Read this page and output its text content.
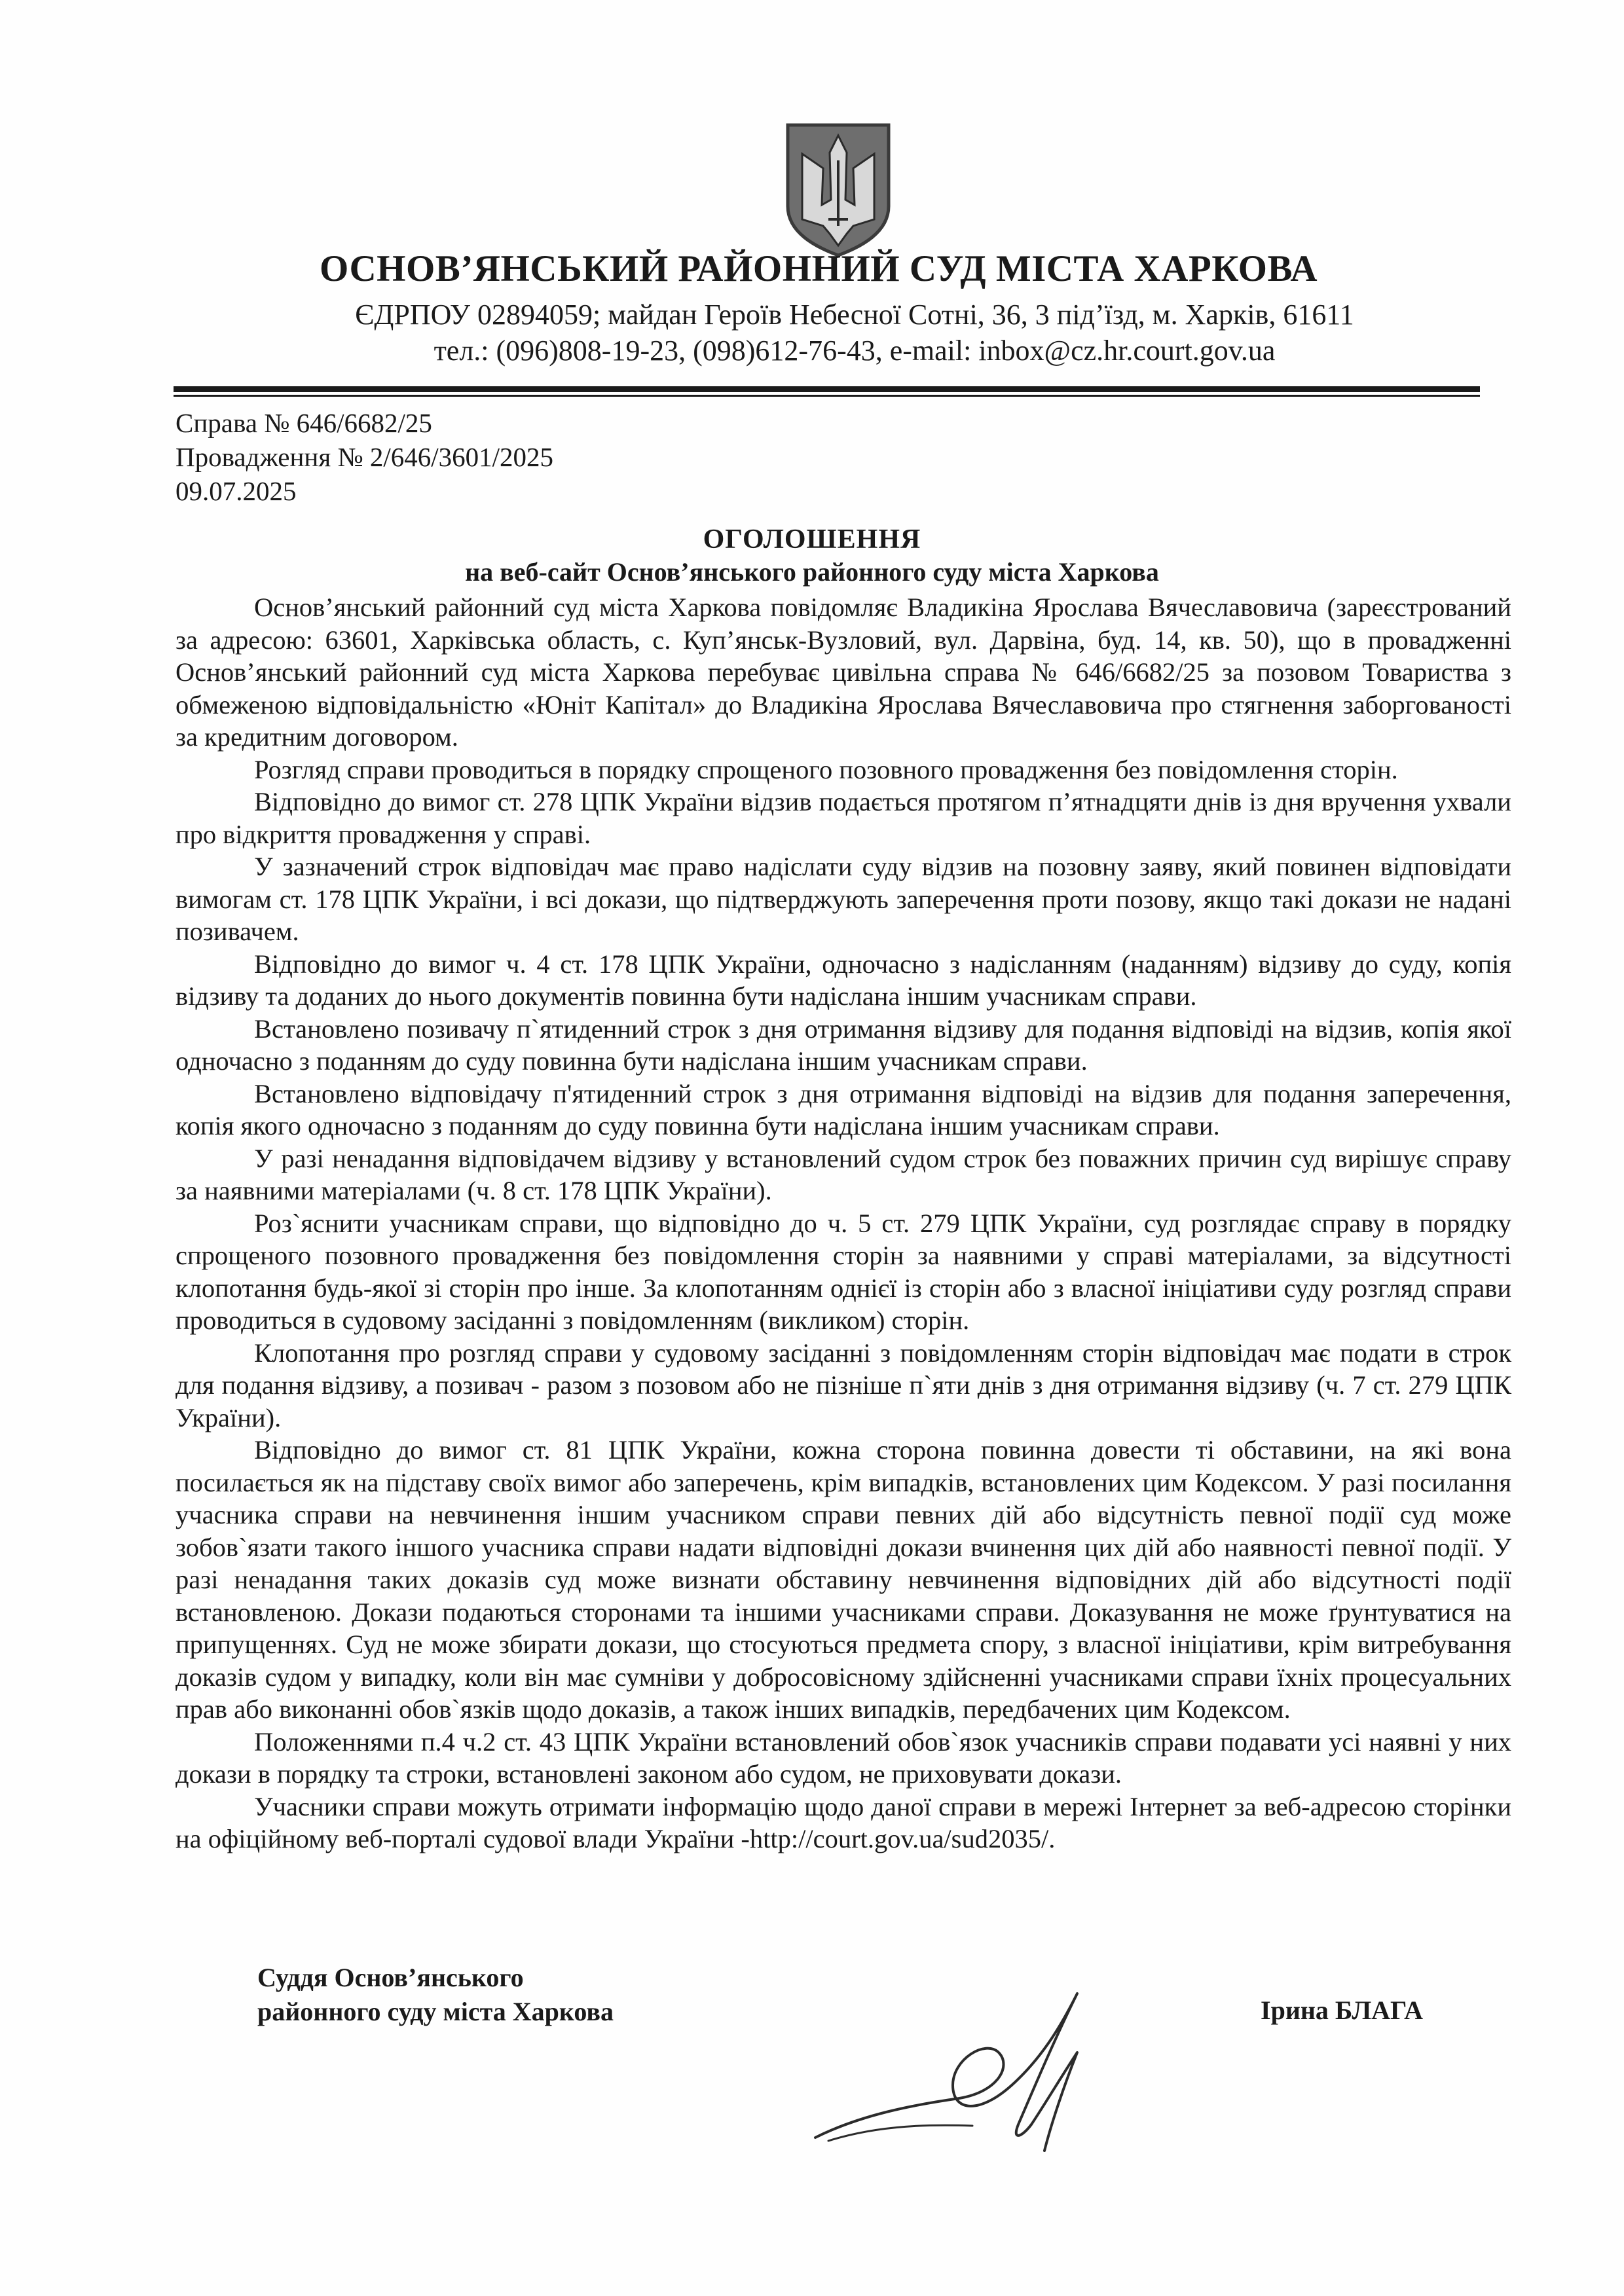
ОСНОВ’ЯНСЬКИЙ РАЙОННИЙ СУД МІСТА ХАРКОВА
ЄДРПОУ 02894059; майдан Героїв Небесної Сотні, 36, 3 під’їзд, м. Харків, 61611
тел.: (096)808-19-23, (098)612-76-43, e-mail: inbox@cz.hr.court.gov.ua
Справа № 646/6682/25
Провадження № 2/646/3601/2025
09.07.2025
ОГОЛОШЕННЯ
на веб-сайт Основ’янського районного суду міста Харкова

Основ’янський районний суд міста Харкова повідомляє Владикіна Ярослава Вячеславовича (зареєстрований за адресою: 63601, Харківська область, с. Куп’янськ-Вузловий, вул. Дарвіна, буд. 14, кв. 50), що в провадженні Основ’янський районний суд міста Харкова перебуває цивільна справа № 646/6682/25 за позовом Товариства з обмеженою відповідальністю «Юніт Капітал» до Владикіна Ярослава Вячеславовича про стягнення заборгованості за кредитним договором.

Розгляд справи проводиться в порядку спрощеного позовного провадження без повідомлення сторін.

Відповідно до вимог ст. 278 ЦПК України відзив подається протягом п’ятнадцяти днів із дня вручення ухвали про відкриття провадження у справі.

У зазначений строк відповідач має право надіслати суду відзив на позовну заяву, який повинен відповідати вимогам ст. 178 ЦПК України, і всі докази, що підтверджують заперечення проти позову, якщо такі докази не надані позивачем.

Відповідно до вимог ч. 4 ст. 178 ЦПК України, одночасно з надісланням (наданням) відзиву до суду, копія відзиву та доданих до нього документів повинна бути надіслана іншим учасникам справи.

Встановлено позивачу п`ятиденний строк з дня отримання відзиву для подання відповіді на відзив, копія якої одночасно з поданням до суду повинна бути надіслана іншим учасникам справи.

Встановлено відповідачу п'ятиденний строк з дня отримання відповіді на відзив для подання заперечення, копія якого одночасно з поданням до суду повинна бути надіслана іншим учасникам справи.

У разі ненадання відповідачем відзиву у встановлений судом строк без поважних причин суд вирішує справу за наявними матеріалами (ч. 8 ст. 178 ЦПК України).

Роз`яснити учасникам справи, що відповідно до ч. 5 ст. 279 ЦПК України, суд розглядає справу в порядку спрощеного позовного провадження без повідомлення сторін за наявними у справі матеріалами, за відсутності клопотання будь-якої зі сторін про інше. За клопотанням однієї із сторін або з власної ініціативи суду розгляд справи проводиться в судовому засіданні з повідомленням (викликом) сторін.

Клопотання про розгляд справи у судовому засіданні з повідомленням сторін відповідач має подати в строк для подання відзиву, а позивач - разом з позовом або не пізніше п`яти днів з дня отримання відзиву (ч. 7 ст. 279 ЦПК України).

Відповідно до вимог ст. 81 ЦПК України, кожна сторона повинна довести ті обставини, на які вона посилається як на підставу своїх вимог або заперечень, крім випадків, встановлених цим Кодексом. У разі посилання учасника справи на невчинення іншим учасником справи певних дій або відсутність певної події суд може зобов`язати такого іншого учасника справи надати відповідні докази вчинення цих дій або наявності певної події. У разі ненадання таких доказів суд може визнати обставину невчинення відповідних дій або відсутності події встановленою. Докази подаються сторонами та іншими учасниками справи. Доказування не може ґрунтуватися на припущеннях. Суд не може збирати докази, що стосуються предмета спору, з власної ініціативи, крім витребування доказів судом у випадку, коли він має сумніви у добросовісному здійсненні учасниками справи їхніх процесуальних прав або виконанні обов`язків щодо доказів, а також інших випадків, передбачених цим Кодексом.

Положеннями п.4 ч.2 ст. 43 ЦПК України встановлений обов`язок учасників справи подавати усі наявні у них докази в порядку та строки, встановлені законом або судом, не приховувати докази.

Учасники справи можуть отримати інформацію щодо даної справи в мережі Інтернет за веб-адресою сторінки на офіційному веб-порталі судової влади України -http://court.gov.ua/sud2035/.

Суддя Основ’янського
районного суду міста Харкова	Ірина БЛАГА
